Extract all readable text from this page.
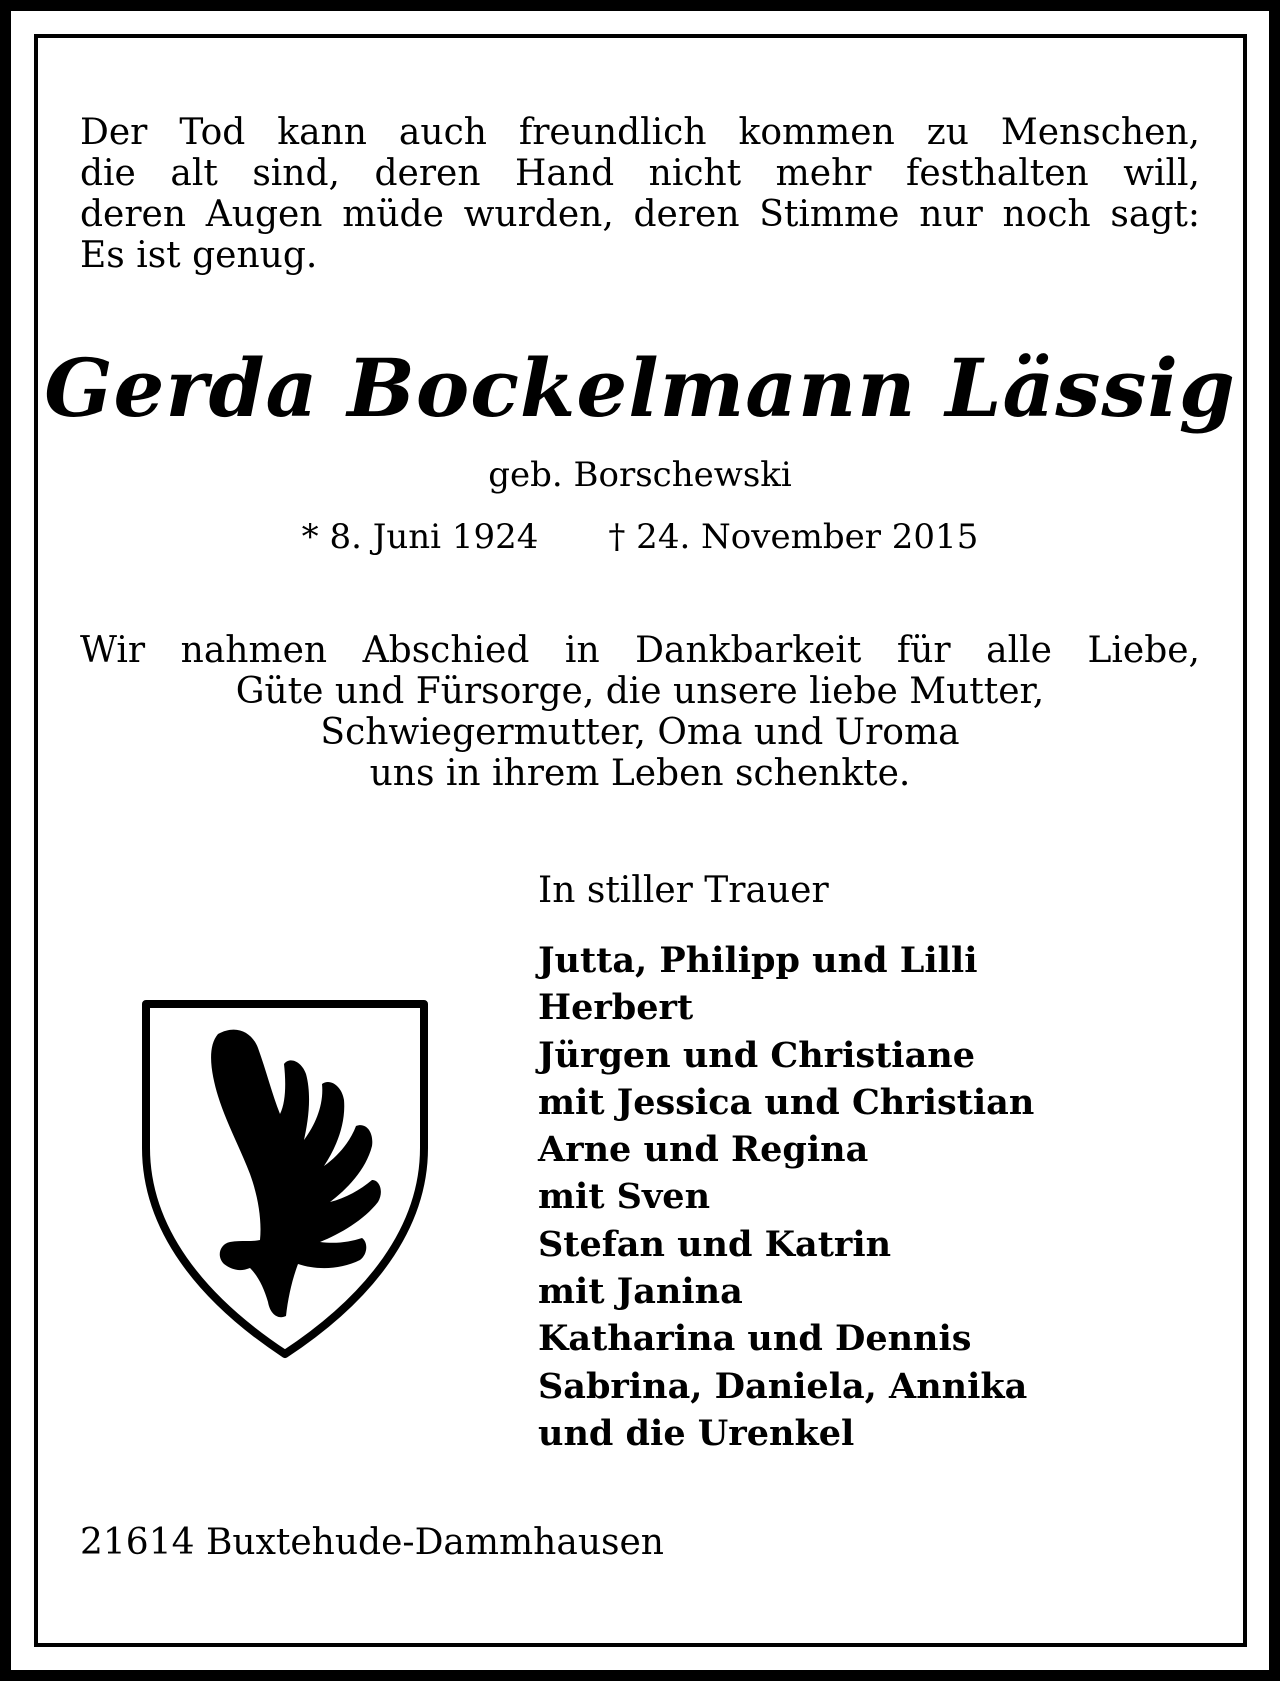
Der Tod kann auch freundlich kommen zu Menschen,
die alt sind, deren Hand nicht mehr festhalten will,
deren Augen müde wurden, deren Stimme nur noch sagt:
Es ist genug.
Gerda Bockelmann Lässig
geb. Borschewski
* 8. Juni 1924 † 24. November 2015
Wir nahmen Abschied in Dankbarkeit für alle Liebe,
Güte und Fürsorge, die unsere liebe Mutter,
Schwiegermutter, Oma und Uroma
uns in ihrem Leben schenkte.
In stiller Trauer
Jutta, Philipp und Lilli
Herbert
Jürgen und Christiane
mit Jessica und Christian
Arne und Regina
mit Sven
Stefan und Katrin
mit Janina
Katharina und Dennis
Sabrina, Daniela, Annika
und die Urenkel
21614 Buxtehude-Dammhausen
